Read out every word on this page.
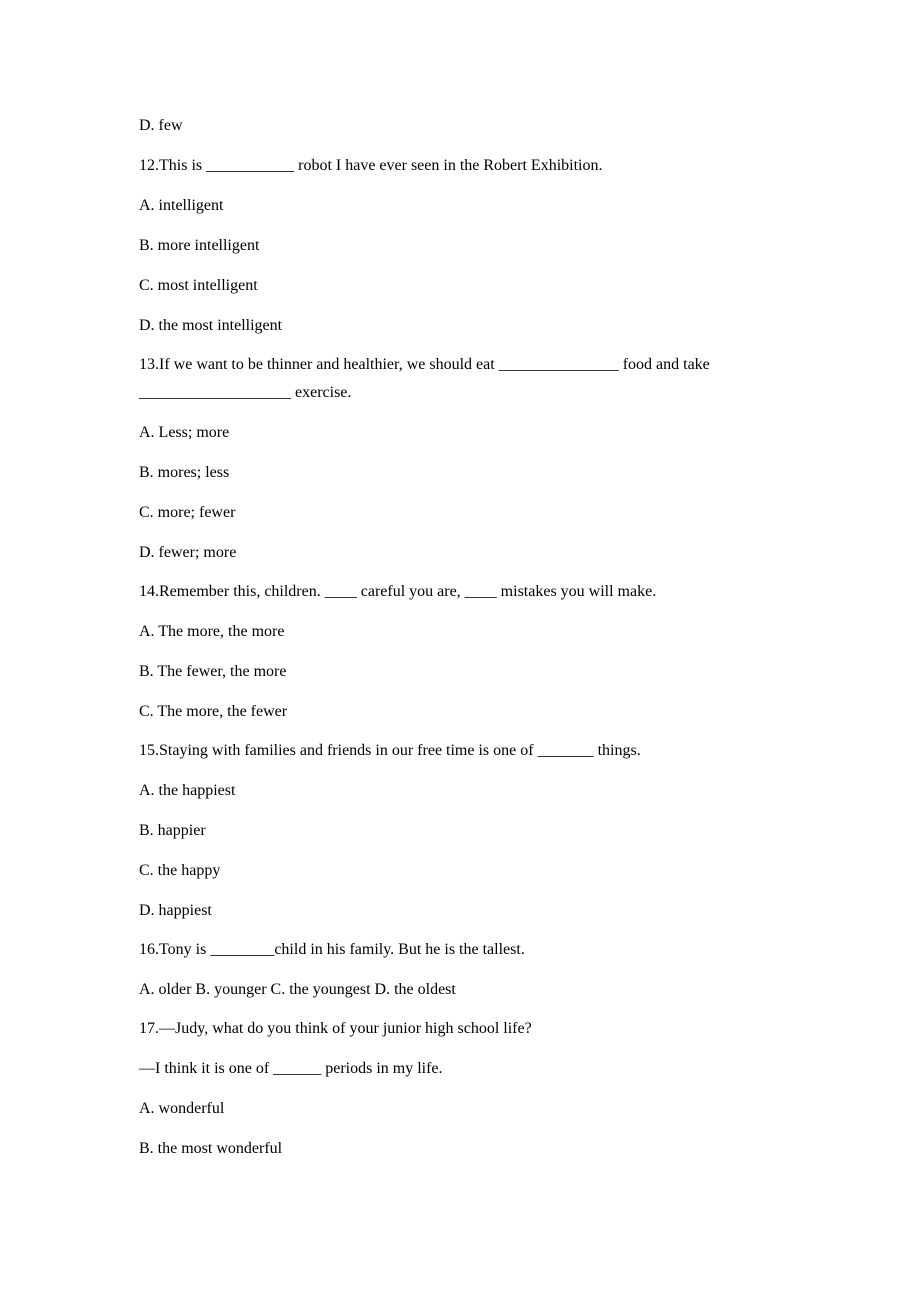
D. few
12.This is ___________ robot I have ever seen in the Robert Exhibition.
A. intelligent
B. more intelligent
C. most intelligent
D. the most intelligent
13.If we want to be thinner and healthier, we should eat _______________ food and take
___________________ exercise.
A. Less; more
B. mores; less
C. more; fewer
D. fewer; more
14.Remember this, children. ____ careful you are, ____ mistakes you will make.
A. The more, the more
B. The fewer, the more
C. The more, the fewer
15.Staying with families and friends in our free time is one of _______ things.
A. the happiest
B. happier
C. the happy
D. happiest
16.Tony is ________child in his family. But he is the tallest.
A. older B. younger C. the youngest D. the oldest
17.—Judy, what do you think of your junior high school life?
—I think it is one of ______ periods in my life.
A. wonderful
B. the most wonderful
